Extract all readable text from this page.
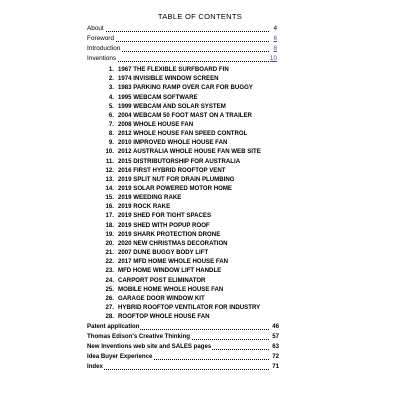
TABLE OF CONTENTS
About	4
Foreword	6
Introduction	8
Inventions	10
1. 1967 THE FLEXIBLE SURFBOARD FIN
2. 1974 INVISIBLE WINDOW SCREEN
3. 1983 PARKING RAMP OVER CAR FOR BUGGY
4. 1995 WEBCAM SOFTWARE
5. 1999 WEBCAM AND SOLAR SYSTEM
6. 2004 WEBCAM 50 FOOT MAST ON A TRAILER
7. 2008 WHOLE HOUSE FAN
8. 2012 WHOLE HOUSE FAN SPEED CONTROL
9. 2010 IMPROVED WHOLE HOUSE FAN
10. 2012 AUSTRALIA WHOLE HOUSE FAN WEB SITE
11. 2015 DISTRIBUTORSHIP FOR AUSTRALIA
12. 2016 FIRST HYBRID ROOFTOP VENT
13. 2019 SPLIT NUT FOR DRAIN PLUMBING
14. 2019 SOLAR POWERED MOTOR HOME
15. 2019 WEEDING RAKE
16. 2019 ROCK RAKE
17. 2019 SHED FOR TIGHT SPACES
18. 2019 SHED WITH POPUP ROOF
19. 2019 SHARK PROTECTION DRONE
20. 2020 NEW CHRISTMAS DECORATION
21. 2007 DUNE BUGGY BODY LIFT
22. 2017 MFD HOME WHOLE HOUSE FAN
23. MFD HOME WINDOW LIFT HANDLE
24. CARPORT POST ELIMINATOR
25. MOBILE HOME WHOLE HOUSE FAN
26. GARAGE DOOR WINDOW KIT
27. HYBRID ROOFTOP VENTILATOR FOR INDUSTRY
28. ROOFTOP WHOLE HOUSE FAN
Patent application	46
Thomas Edison's Creative Thinking	57
New Inventions web site and SALES pages	63
Idea Buyer Experience	72
Index	71
